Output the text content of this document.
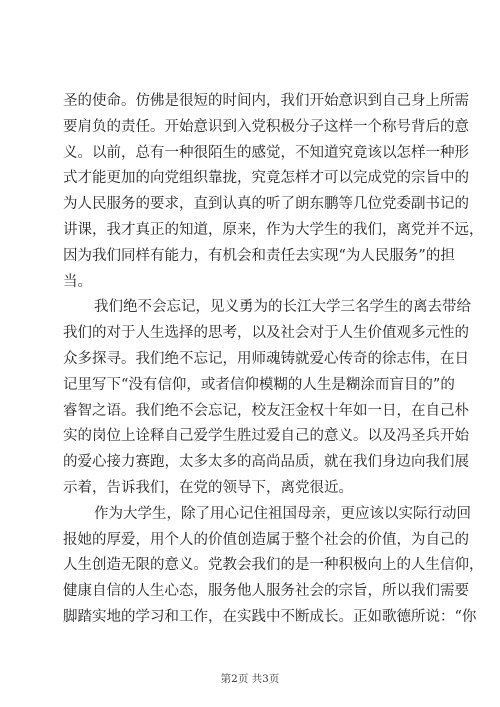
圣的使命。仿佛是很短的时间内，我们开始意识到自己身上所需
要肩负的责任。开始意识到入党积极分子这样一个称号背后的意
义。以前，总有一种很陌生的感觉，不知道究竟该以怎样一种形
式才能更加的向党组织靠拢，究竟怎样才可以完成党的宗旨中的
为人民服务的要求，直到认真的听了朗东鹏等几位党委副书记的
讲课，我才真正的知道，原来，作为大学生的我们，离党并不远，
因为我们同样有能力，有机会和责任去实现“为人民服务”的担
当。
我们绝不会忘记，见义勇为的长江大学三名学生的离去带给
我们的对于人生选择的思考，以及社会对于人生价值观多元性的
众多探寻。我们绝不忘记，用师魂铸就爱心传奇的徐志伟，在日
记里写下“没有信仰，或者信仰模糊的人生是糊涂而盲目的”的
睿智之语。我们绝不会忘记，校友汪金权十年如一日，在自己朴
实的岗位上诠释自己爱学生胜过爱自己的意义。以及冯圣兵开始
的爱心接力赛跑，太多太多的高尚品质，就在我们身边向我们展
示着，告诉我们，在党的领导下，离党很近。
作为大学生，除了用心记住祖国母亲，更应该以实际行动回
报她的厚爱，用个人的价值创造属于整个社会的价值，为自己的
人生创造无限的意义。党教会我们的是一种积极向上的人生信仰，
健康自信的人生心态，服务他人服务社会的宗旨，所以我们需要
脚踏实地的学习和工作，在实践中不断成长。正如歌德所说：“你
第2页 共3页
